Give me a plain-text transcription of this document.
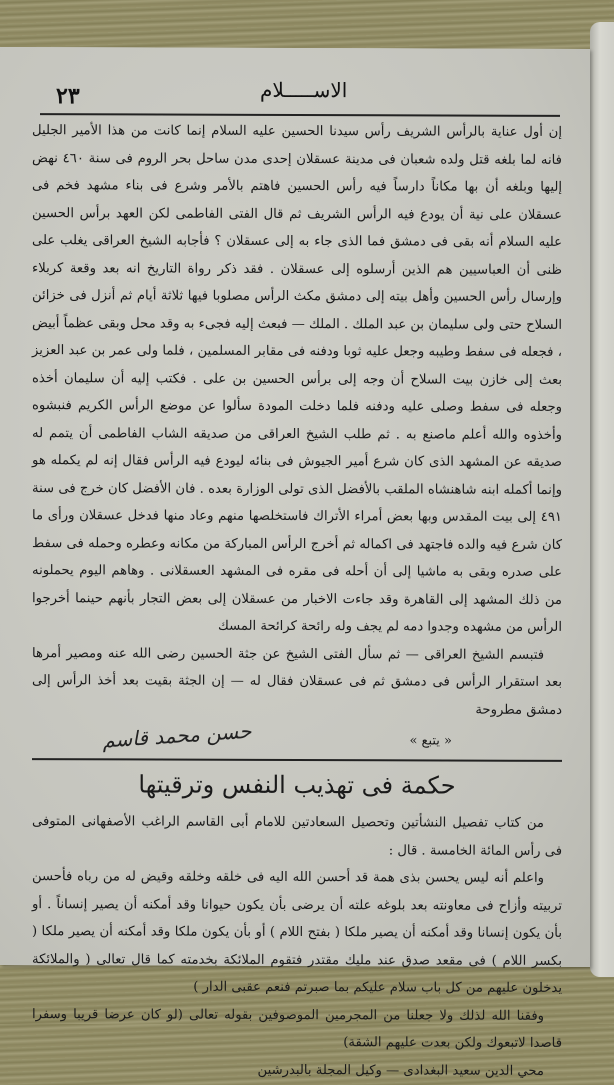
٢٣	الاســـــلام

إن أول عناية بالرأس الشريف رأس سيدنا الحسين عليه السلام إنما كانت من هذا الأمير الجليل فانه لما بلغه قتل ولده شعبان فى مدينة عسقلان إحدى مدن ساحل بحر الروم فى سنة ٤٦٠ نهض إليها وبلغه أن بها مكاناً دارساً فيه رأس الحسين فاهتم بالأمر وشرع فى بناء مشهد فخم فى عسقلان على نية أن يودع فيه الرأس الشريف ثم قال الفتى الفاطمى لكن العهد برأس الحسين عليه السلام أنه بقى فى دمشق فما الذى جاء به إلى عسقلان ؟ فأجابه الشيخ العراقى يغلب على ظنى أن العباسيين هم الذين أرسلوه إلى عسقلان . فقد ذكر رواة التاريخ انه بعد وقعة كربلاء وإرسال رأس الحسين وأهل بيته إلى دمشق مكث الرأس مصلوبا فيها ثلاثة أيام ثم أنزل فى خزائن السلاح حتى ولى سليمان بن عبد الملك . الملك — فبعث إليه فجىء به وقد محل وبقى عظماً أبيض ، فجعله فى سفط وطيبه وجعل عليه ثوبا ودفنه فى مقابر المسلمين ، فلما ولى عمر بن عبد العزيز بعث إلى خازن بيت السلاح أن وجه إلى برأس الحسين بن على . فكتب إليه أن سليمان أخذه وجعله فى سفط وصلى عليه ودفنه فلما دخلت المودة سألوا عن موضع الرأس الكريم فنبشوه وأخذوه والله أعلم ماصنع به . ثم طلب الشيخ العراقى من صديقه الشاب الفاطمى أن يتمم له صديقه عن المشهد الذى كان شرع أمير الجيوش فى بنائه ليودع فيه الرأس فقال إنه لم يكمله هو وإنما أكمله ابنه شاهنشاه الملقب بالأفضل الذى تولى الوزارة بعده . فان الأفضل كان خرج فى سنة ٤٩١ إلى بيت المقدس وبها بعض أمراء الأتراك فاستخلصها منهم وعاد منها فدخل عسقلان ورأى ما كان شرع فيه والده فاجتهد فى اكماله ثم أخرج الرأس المباركة من مكانه وعطره وحمله فى سفط على صدره وبقى به ماشيا إلى أن أحله فى مقره فى المشهد العسقلانى . وهاهم اليوم يحملونه من ذلك المشهد إلى القاهرة وقد جاءت الاخبار من عسقلان إلى بعض التجار بأنهم حينما أخرجوا الرأس من مشهده وجدوا دمه لم يجف وله رائحة كرائحة المسك

فتبسم الشيخ العراقى — ثم سأل الفتى الشيخ عن جثة الحسين رضى الله عنه ومصير أمرها بعد استقرار الرأس فى دمشق ثم فى عسقلان فقال له — إن الجثة بقيت بعد أخذ الرأس إلى دمشق مطروحة

« يتبع »
حسن محمد قاسم

حكمة فى تهذيب النفس وترقيتها

من كتاب تفصيل النشأتين وتحصيل السعادتين للامام أبى القاسم الراغب الأصفهانى المتوفى فى رأس المائة الخامسة . قال :

واعلم أنه ليس يحسن بذى همة قد أحسن الله اليه فى خلقه وخلقه وقيض له من رباه فأحسن تربيته وأزاح فى معاونته بعد بلوغه علته أن يرضى بأن يكون حيوانا وقد أمكنه أن يصير إنساناً . أو بأن يكون إنسانا وقد أمكنه أن يصير ملكا ( بفتح اللام ) أو بأن يكون ملكا وقد أمكنه أن يصير ملكا ( بكسر اللام ) فى مقعد صدق عند مليك مقتدر فتقوم الملائكة بخدمته كما قال تعالى ( والملائكة يدخلون عليهم من كل باب سلام عليكم بما صبرتم فنعم عقبى الدار )

وفقنا الله لذلك ولا جعلنا من المجرمين الموصوفين بقوله تعالى (لو كان عرضا قريبا وسفرا قاصدا لاتبعوك ولكن بعدت عليهم الشقة)

محي الدين سعيد البغدادى — وكيل المجلة بالبدرشين
